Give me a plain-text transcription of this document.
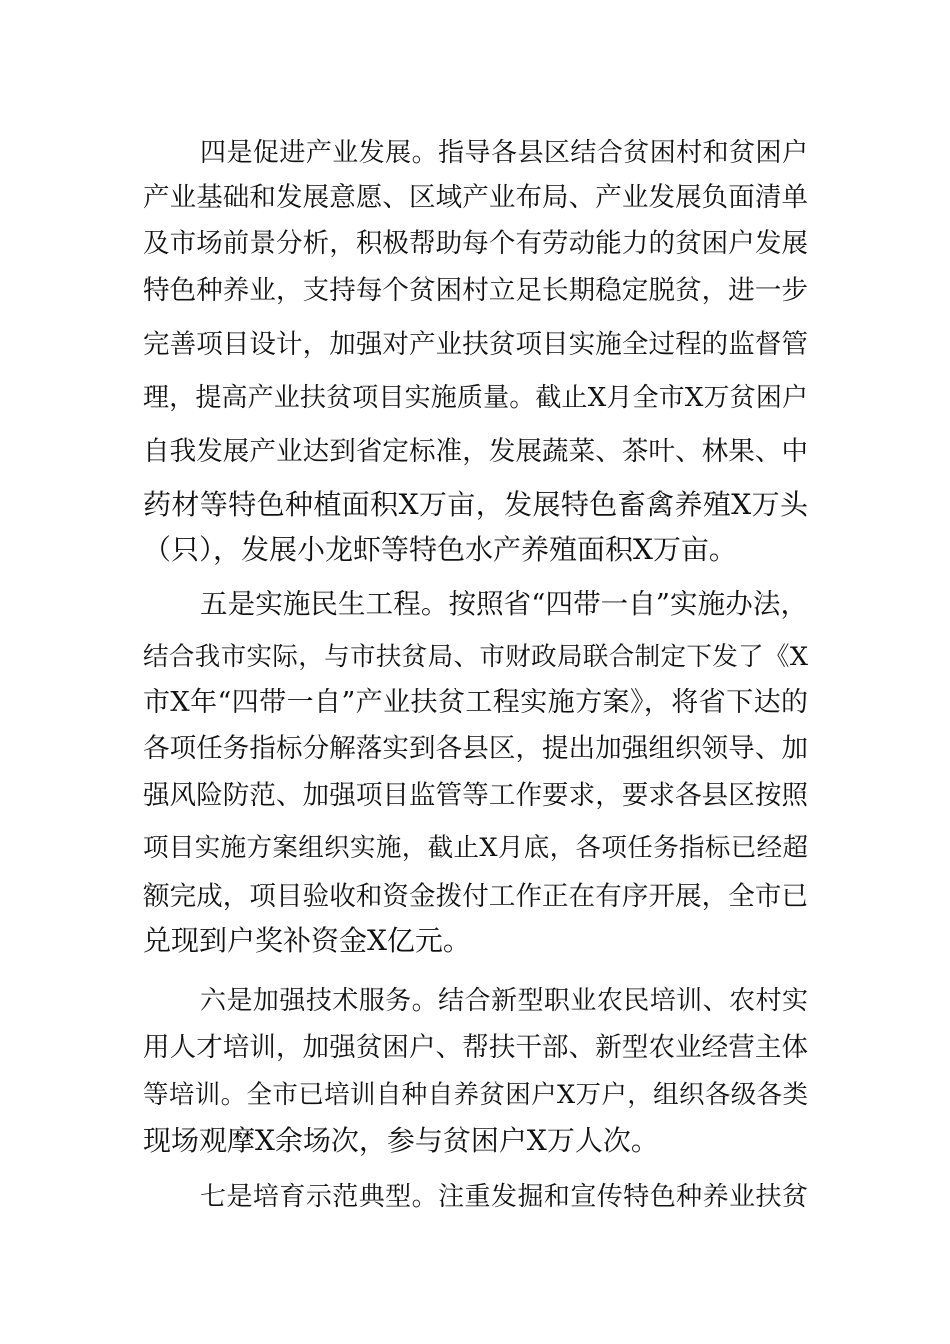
四是促进产业发展。指导各县区结合贫困村和贫困户
产业基础和发展意愿、区域产业布局、产业发展负面清单
及市场前景分析，积极帮助每个有劳动能力的贫困户发展
特色种养业，支持每个贫困村立足长期稳定脱贫，进一步
完善项目设计，加强对产业扶贫项目实施全过程的监督管
理，提高产业扶贫项目实施质量。截止X月全市X万贫困户
自我发展产业达到省定标准，发展蔬菜、茶叶、林果、中
药材等特色种植面积X万亩，发展特色畜禽养殖X万头
（只），发展小龙虾等特色水产养殖面积X万亩。
五是实施民生工程。按照省“四带一自”实施办法，
结合我市实际，与市扶贫局、市财政局联合制定下发了《X
市X年“四带一自”产业扶贫工程实施方案》，将省下达的
各项任务指标分解落实到各县区，提出加强组织领导、加
强风险防范、加强项目监管等工作要求，要求各县区按照
项目实施方案组织实施，截止X月底，各项任务指标已经超
额完成，项目验收和资金拨付工作正在有序开展，全市已
兑现到户奖补资金X亿元。
六是加强技术服务。结合新型职业农民培训、农村实
用人才培训，加强贫困户、帮扶干部、新型农业经营主体
等培训。全市已培训自种自养贫困户X万户，组织各级各类
现场观摩X余场次，参与贫困户X万人次。
七是培育示范典型。注重发掘和宣传特色种养业扶贫
